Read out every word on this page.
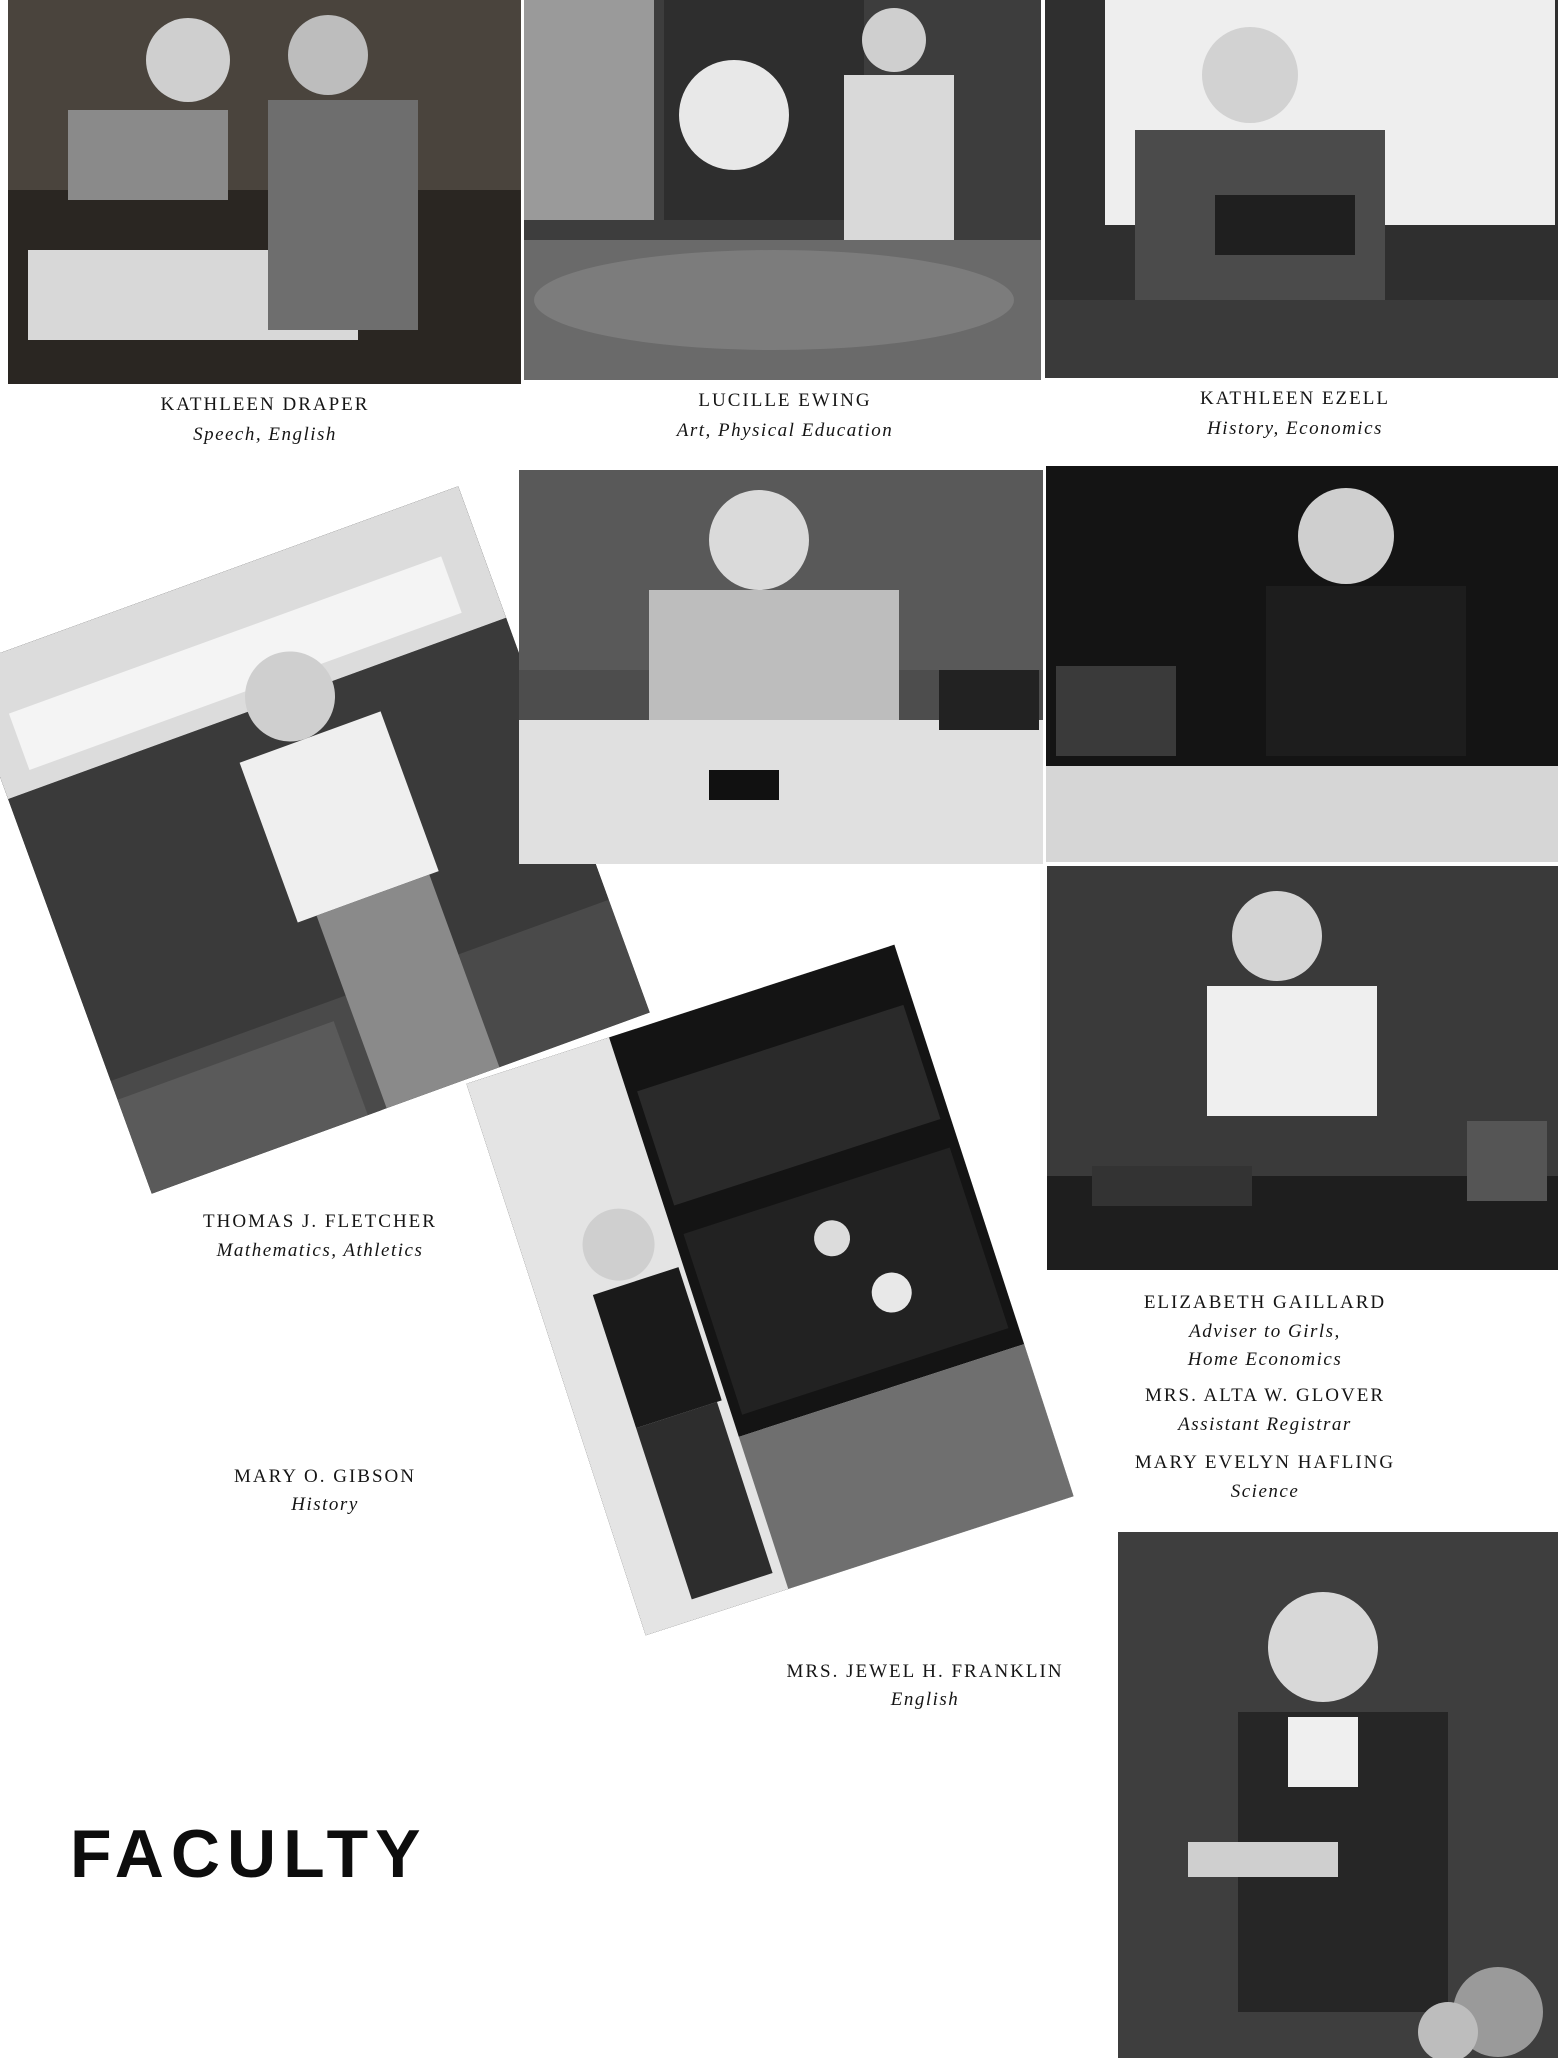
KATHLEEN DRAPER
Speech, English
LUCILLE EWING
Art, Physical Education
KATHLEEN EZELL
History, Economics
THOMAS J. FLETCHER
Mathematics, Athletics
ELIZABETH GAILLARD
Adviser to Girls,
Home Economics
MRS. ALTA W. GLOVER
Assistant Registrar
MARY EVELYN HAFLING
Science
MARY O. GIBSON
History
MRS. JEWEL H. FRANKLIN
English
FACULTY
